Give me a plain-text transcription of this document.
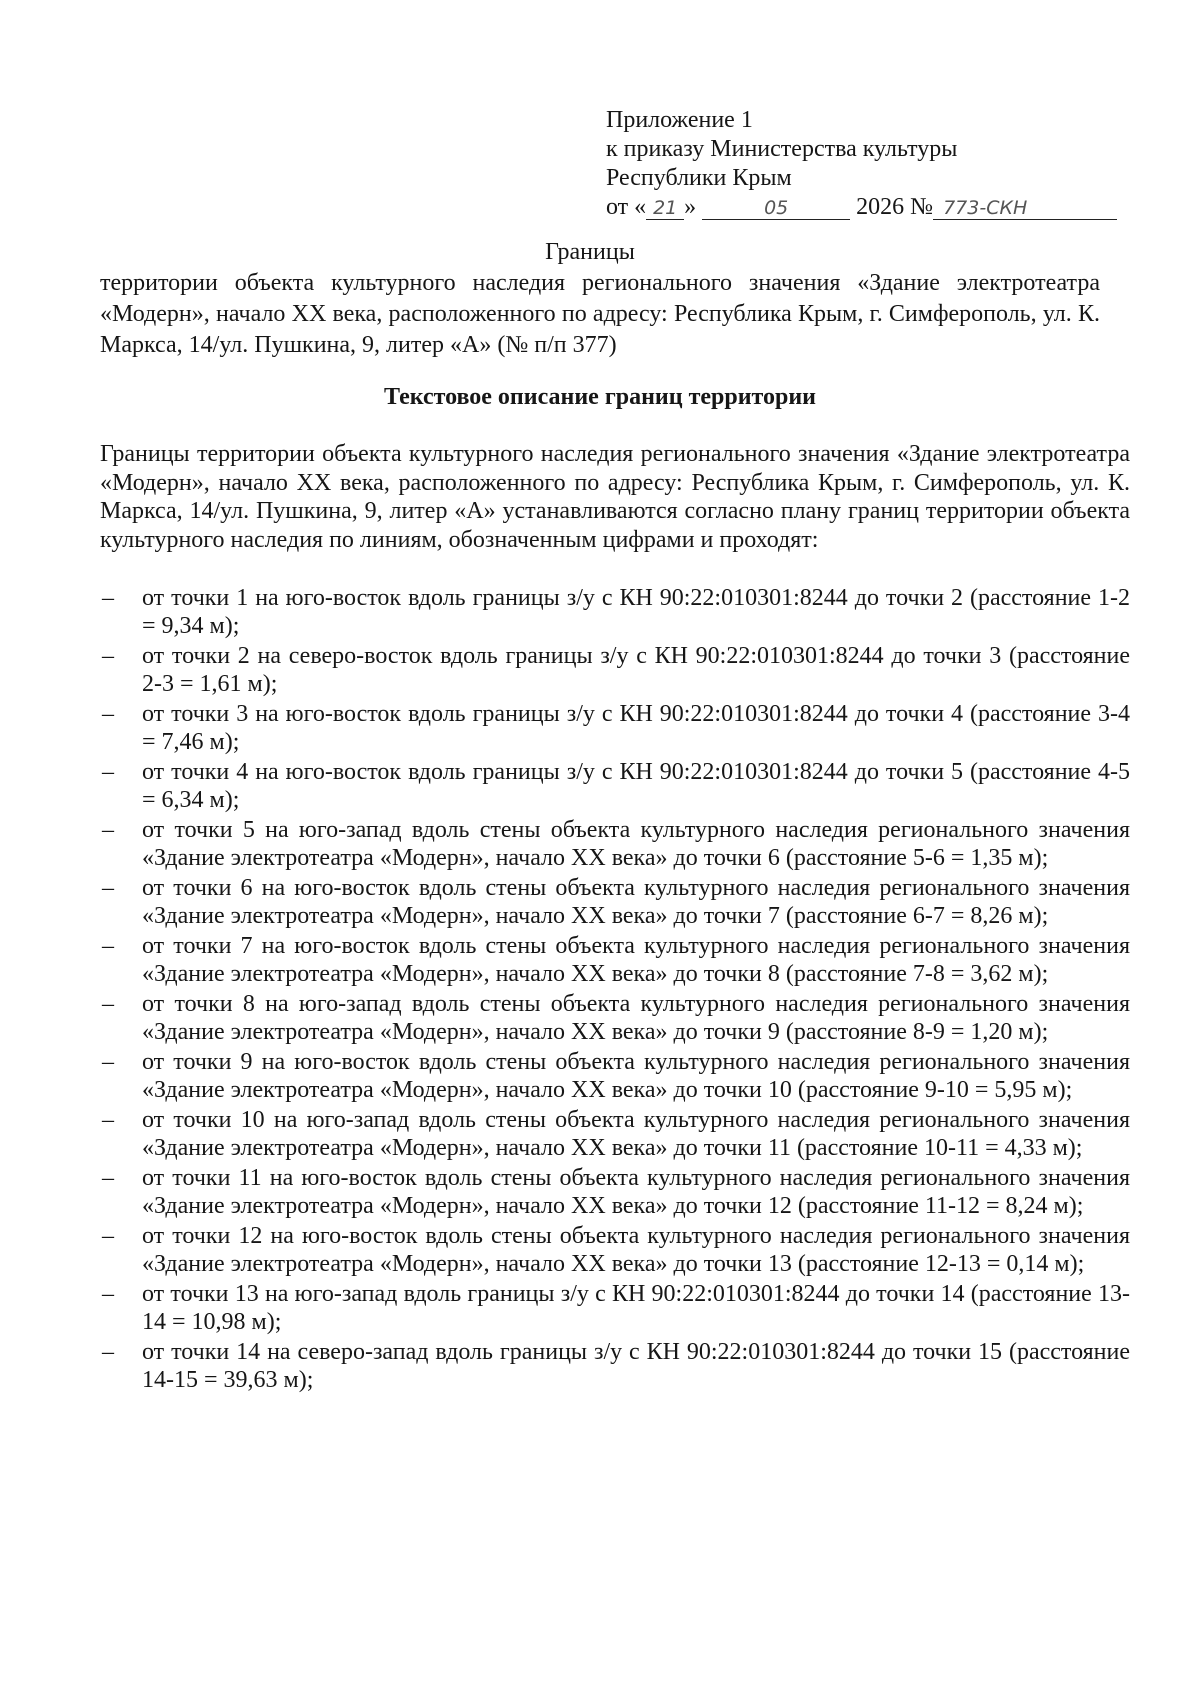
Приложение 1
к приказу Министерства культуры
Республики Крым
от « 21 »	05	2026 № 773-СКН
Границы
территории объекта культурного наследия регионального значения «Здание электротеатра «Модерн», начало ХХ века, расположенного по адресу: Республика Крым, г. Симферополь, ул. К. Маркса, 14/ул. Пушкина, 9, литер «А» (№ п/п 377)
Текстовое описание границ территории
Границы территории объекта культурного наследия регионального значения «Здание электротеатра «Модерн», начало ХХ века, расположенного по адресу: Республика Крым, г. Симферополь, ул. К. Маркса, 14/ул. Пушкина, 9, литер «А» устанавливаются согласно плану границ территории объекта культурного наследия по линиям, обозначенным цифрами и проходят:
– от точки 1 на юго-восток вдоль границы з/у с КН 90:22:010301:8244 до точки 2 (расстояние 1-2 = 9,34 м);
– от точки 2 на северо-восток вдоль границы з/у с КН 90:22:010301:8244 до точки 3 (расстояние 2-3 = 1,61 м);
– от точки 3 на юго-восток вдоль границы з/у с КН 90:22:010301:8244 до точки 4 (расстояние 3-4 = 7,46 м);
– от точки 4 на юго-восток вдоль границы з/у с КН 90:22:010301:8244 до точки 5 (расстояние 4-5 = 6,34 м);
– от точки 5 на юго-запад вдоль стены объекта культурного наследия регионального значения «Здание электротеатра «Модерн», начало ХХ века» до точки 6 (расстояние 5-6 = 1,35 м);
– от точки 6 на юго-восток вдоль стены объекта культурного наследия регионального значения «Здание электротеатра «Модерн», начало ХХ века» до точки 7 (расстояние 6-7 = 8,26 м);
– от точки 7 на юго-восток вдоль стены объекта культурного наследия регионального значения «Здание электротеатра «Модерн», начало ХХ века» до точки 8 (расстояние 7-8 = 3,62 м);
– от точки 8 на юго-запад вдоль стены объекта культурного наследия регионального значения «Здание электротеатра «Модерн», начало ХХ века» до точки 9 (расстояние 8-9 = 1,20 м);
– от точки 9 на юго-восток вдоль стены объекта культурного наследия регионального значения «Здание электротеатра «Модерн», начало ХХ века» до точки 10 (расстояние 9-10 = 5,95 м);
– от точки 10 на юго-запад вдоль стены объекта культурного наследия регионального значения «Здание электротеатра «Модерн», начало ХХ века» до точки 11 (расстояние 10-11 = 4,33 м);
– от точки 11 на юго-восток вдоль стены объекта культурного наследия регионального значения «Здание электротеатра «Модерн», начало ХХ века» до точки 12 (расстояние 11-12 = 8,24 м);
– от точки 12 на юго-восток вдоль стены объекта культурного наследия регионального значения «Здание электротеатра «Модерн», начало ХХ века» до точки 13 (расстояние 12-13 = 0,14 м);
– от точки 13 на юго-запад вдоль границы з/у с КН 90:22:010301:8244 до точки 14 (расстояние 13-14 = 10,98 м);
– от точки 14 на северо-запад вдоль границы з/у с КН 90:22:010301:8244 до точки 15 (расстояние 14-15 = 39,63 м);
